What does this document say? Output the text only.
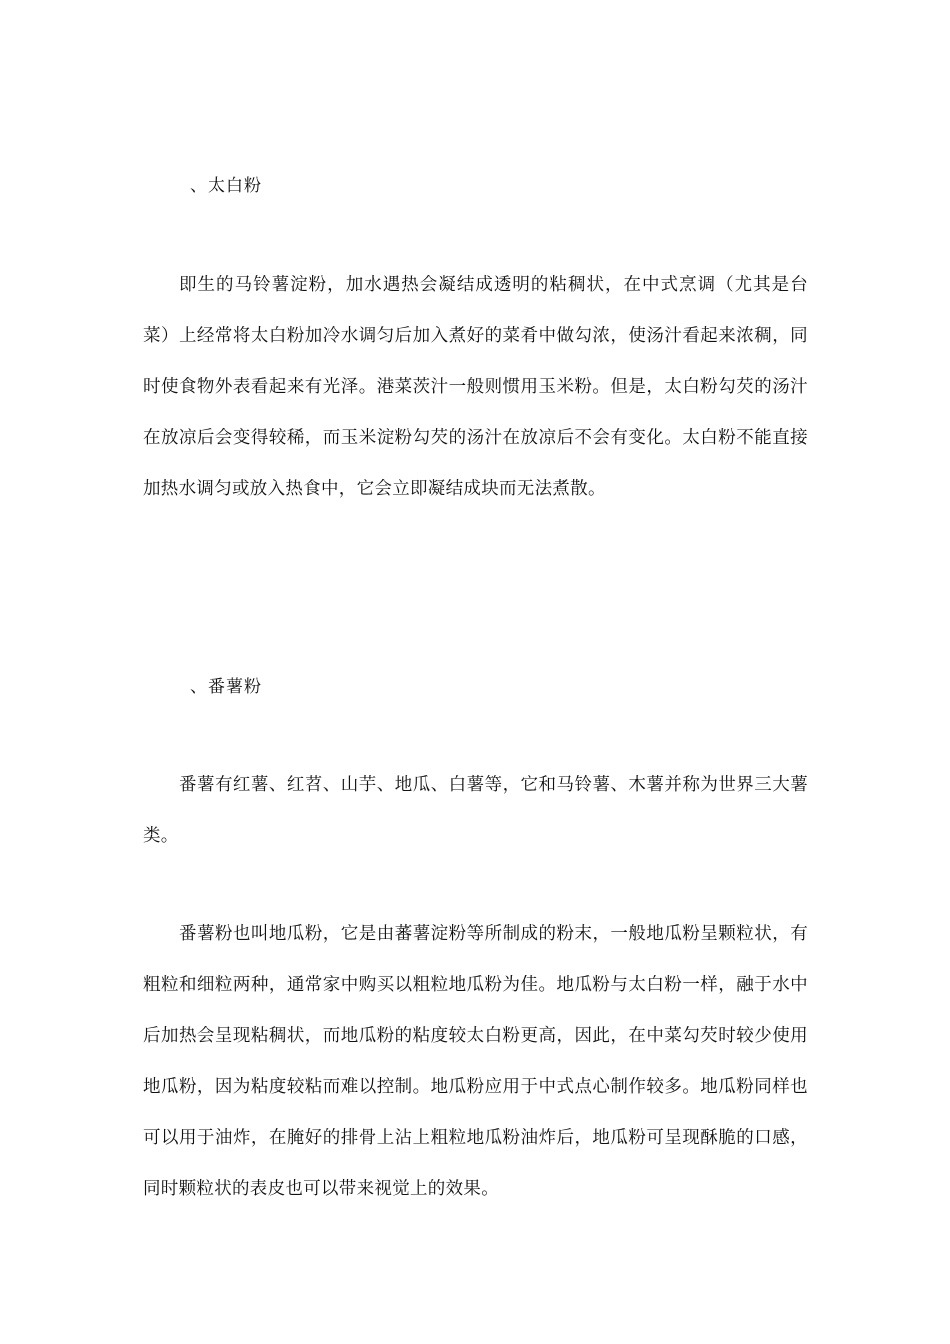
、太白粉

即生的马铃薯淀粉，加水遇热会凝结成透明的粘稠状，在中式烹调（尤其是台菜）上经常将太白粉加冷水调匀后加入煮好的菜肴中做勾浓，使汤汁看起来浓稠，同时使食物外表看起来有光泽。港菜茨汁一般则惯用玉米粉。但是，太白粉勾芡的汤汁在放凉后会变得较稀，而玉米淀粉勾芡的汤汁在放凉后不会有变化。太白粉不能直接加热水调匀或放入热食中，它会立即凝结成块而无法煮散。

、番薯粉

番薯有红薯、红苕、山芋、地瓜、白薯等，它和马铃薯、木薯并称为世界三大薯类。

番薯粉也叫地瓜粉，它是由蕃薯淀粉等所制成的粉末，一般地瓜粉呈颗粒状，有粗粒和细粒两种，通常家中购买以粗粒地瓜粉为佳。地瓜粉与太白粉一样，融于水中后加热会呈现粘稠状，而地瓜粉的粘度较太白粉更高，因此，在中菜勾芡时较少使用地瓜粉，因为粘度较粘而难以控制。地瓜粉应用于中式点心制作较多。地瓜粉同样也可以用于油炸，在腌好的排骨上沾上粗粒地瓜粉油炸后，地瓜粉可呈现酥脆的口感，同时颗粒状的表皮也可以带来视觉上的效果。
